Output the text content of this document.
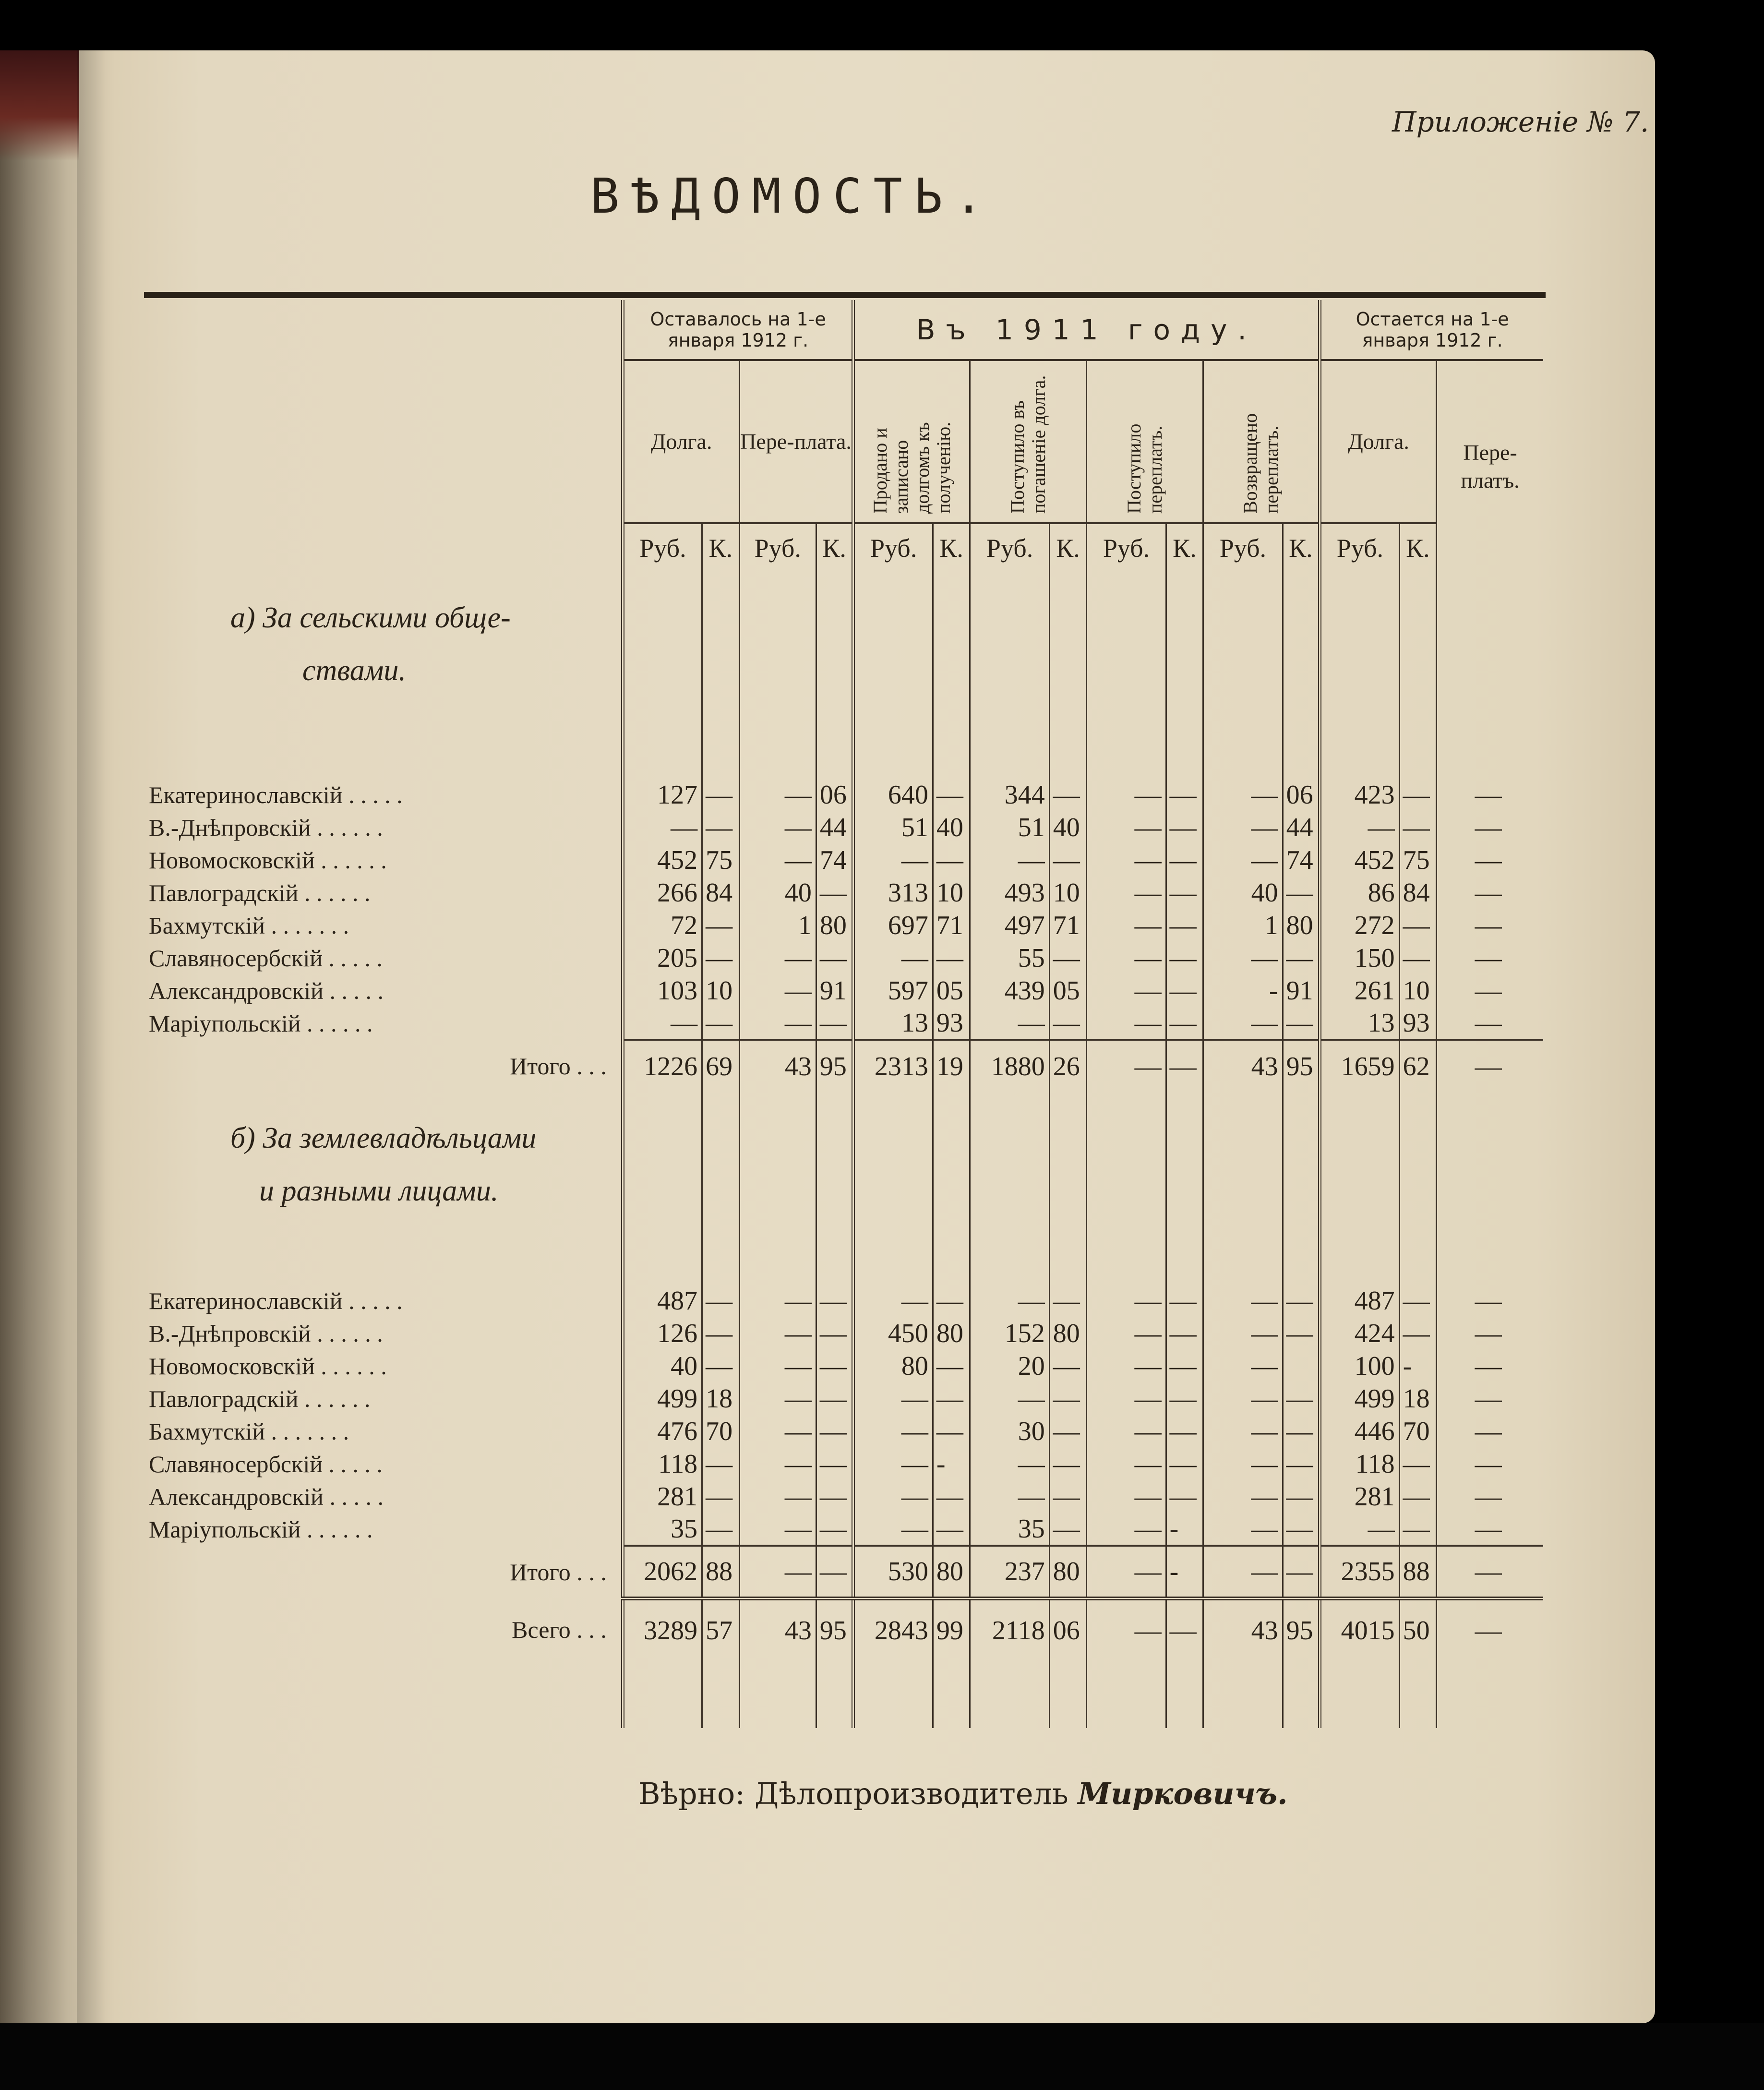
Приложеніе № 7.
ВѢДОМОСТЬ.
	Оставалось на 1-е января 1912 г.				Въ 1911 году.								Остается на 1-е января 1912 г.		
	Долга.		Пере-плата.		Продано и записано долгомъ къ полученію.		Поступило въ погашеніе долга.		Поступило переплатъ.		Возвращено переплатъ.		Долга.		Пере-платъ.
	Руб.	К.	Руб.	К.	Руб.	К.	Руб.	К.	Руб.	К.	Руб.	К.	Руб.	К.	

а) За сельскими обще-															
ствами.															

Екатеринославскій . . . . .	127	—	—	06	640	—	344	—	—	—	—	06	423	—	—
В.-Днѣпровскій . . . . . .	—	—	—	44	51	40	51	40	—	—	—	44	—	—	—
Новомосковскій . . . . . .	452	75	—	74	—	—	—	—	—	—	—	74	452	75	—
Павлоградскій . . . . . .	266	84	40	—	313	10	493	10	—	—	40	—	86	84	—
Бахмутскій . . . . . . .	72	—	1	80	697	71	497	71	—	—	1	80	272	—	—
Славяносербскій . . . . .	205	—	—	—	—	—	55	—	—	—	—	—	150	—	—
Александровскій . . . . .	103	10	—	91	597	05	439	05	—	—	-	91	261	10	—
Маріупольскій . . . . . .	—	—	—	—	13	93	—	—	—	—	—	—	13	93	—
Итого . . .	1226	69	43	95	2313	19	1880	26	—	—	43	95	1659	62	—

б) За землевладѣльцами															
и разными лицами.															

Екатеринославскій . . . . .	487	—	—	—	—	—	—	—	—	—	—	—	487	—	—
В.-Днѣпровскій . . . . . .	126	—	—	—	450	80	152	80	—	—	—	—	424	—	—
Новомосковскій . . . . . .	40	—	—	—	80	—	20	—	—	—	—		100	-	—
Павлоградскій . . . . . .	499	18	—	—	—	—	—	—	—	—	—	—	499	18	—
Бахмутскій . . . . . . .	476	70	—	—	—	—	30	—	—	—	—	—	446	70	—
Славяносербскій . . . . .	118	—	—	—	—	-	—	—	—	—	—	—	118	—	—
Александровскій . . . . .	281	—	—	—	—	—	—	—	—	—	—	—	281	—	—
Маріупольскій . . . . . .	35	—	—	—	—	—	35	—	—	-	—	—	—	—	—
Итого . . .	2062	88	—	—	530	80	237	80	—	-	—	—	2355	88	—
Всего . . .	3289	57	43	95	2843	99	2118	06	—	—	43	95	4015	50	—

Вѣрно: Дѣлопроизводитель Мирковичъ.
